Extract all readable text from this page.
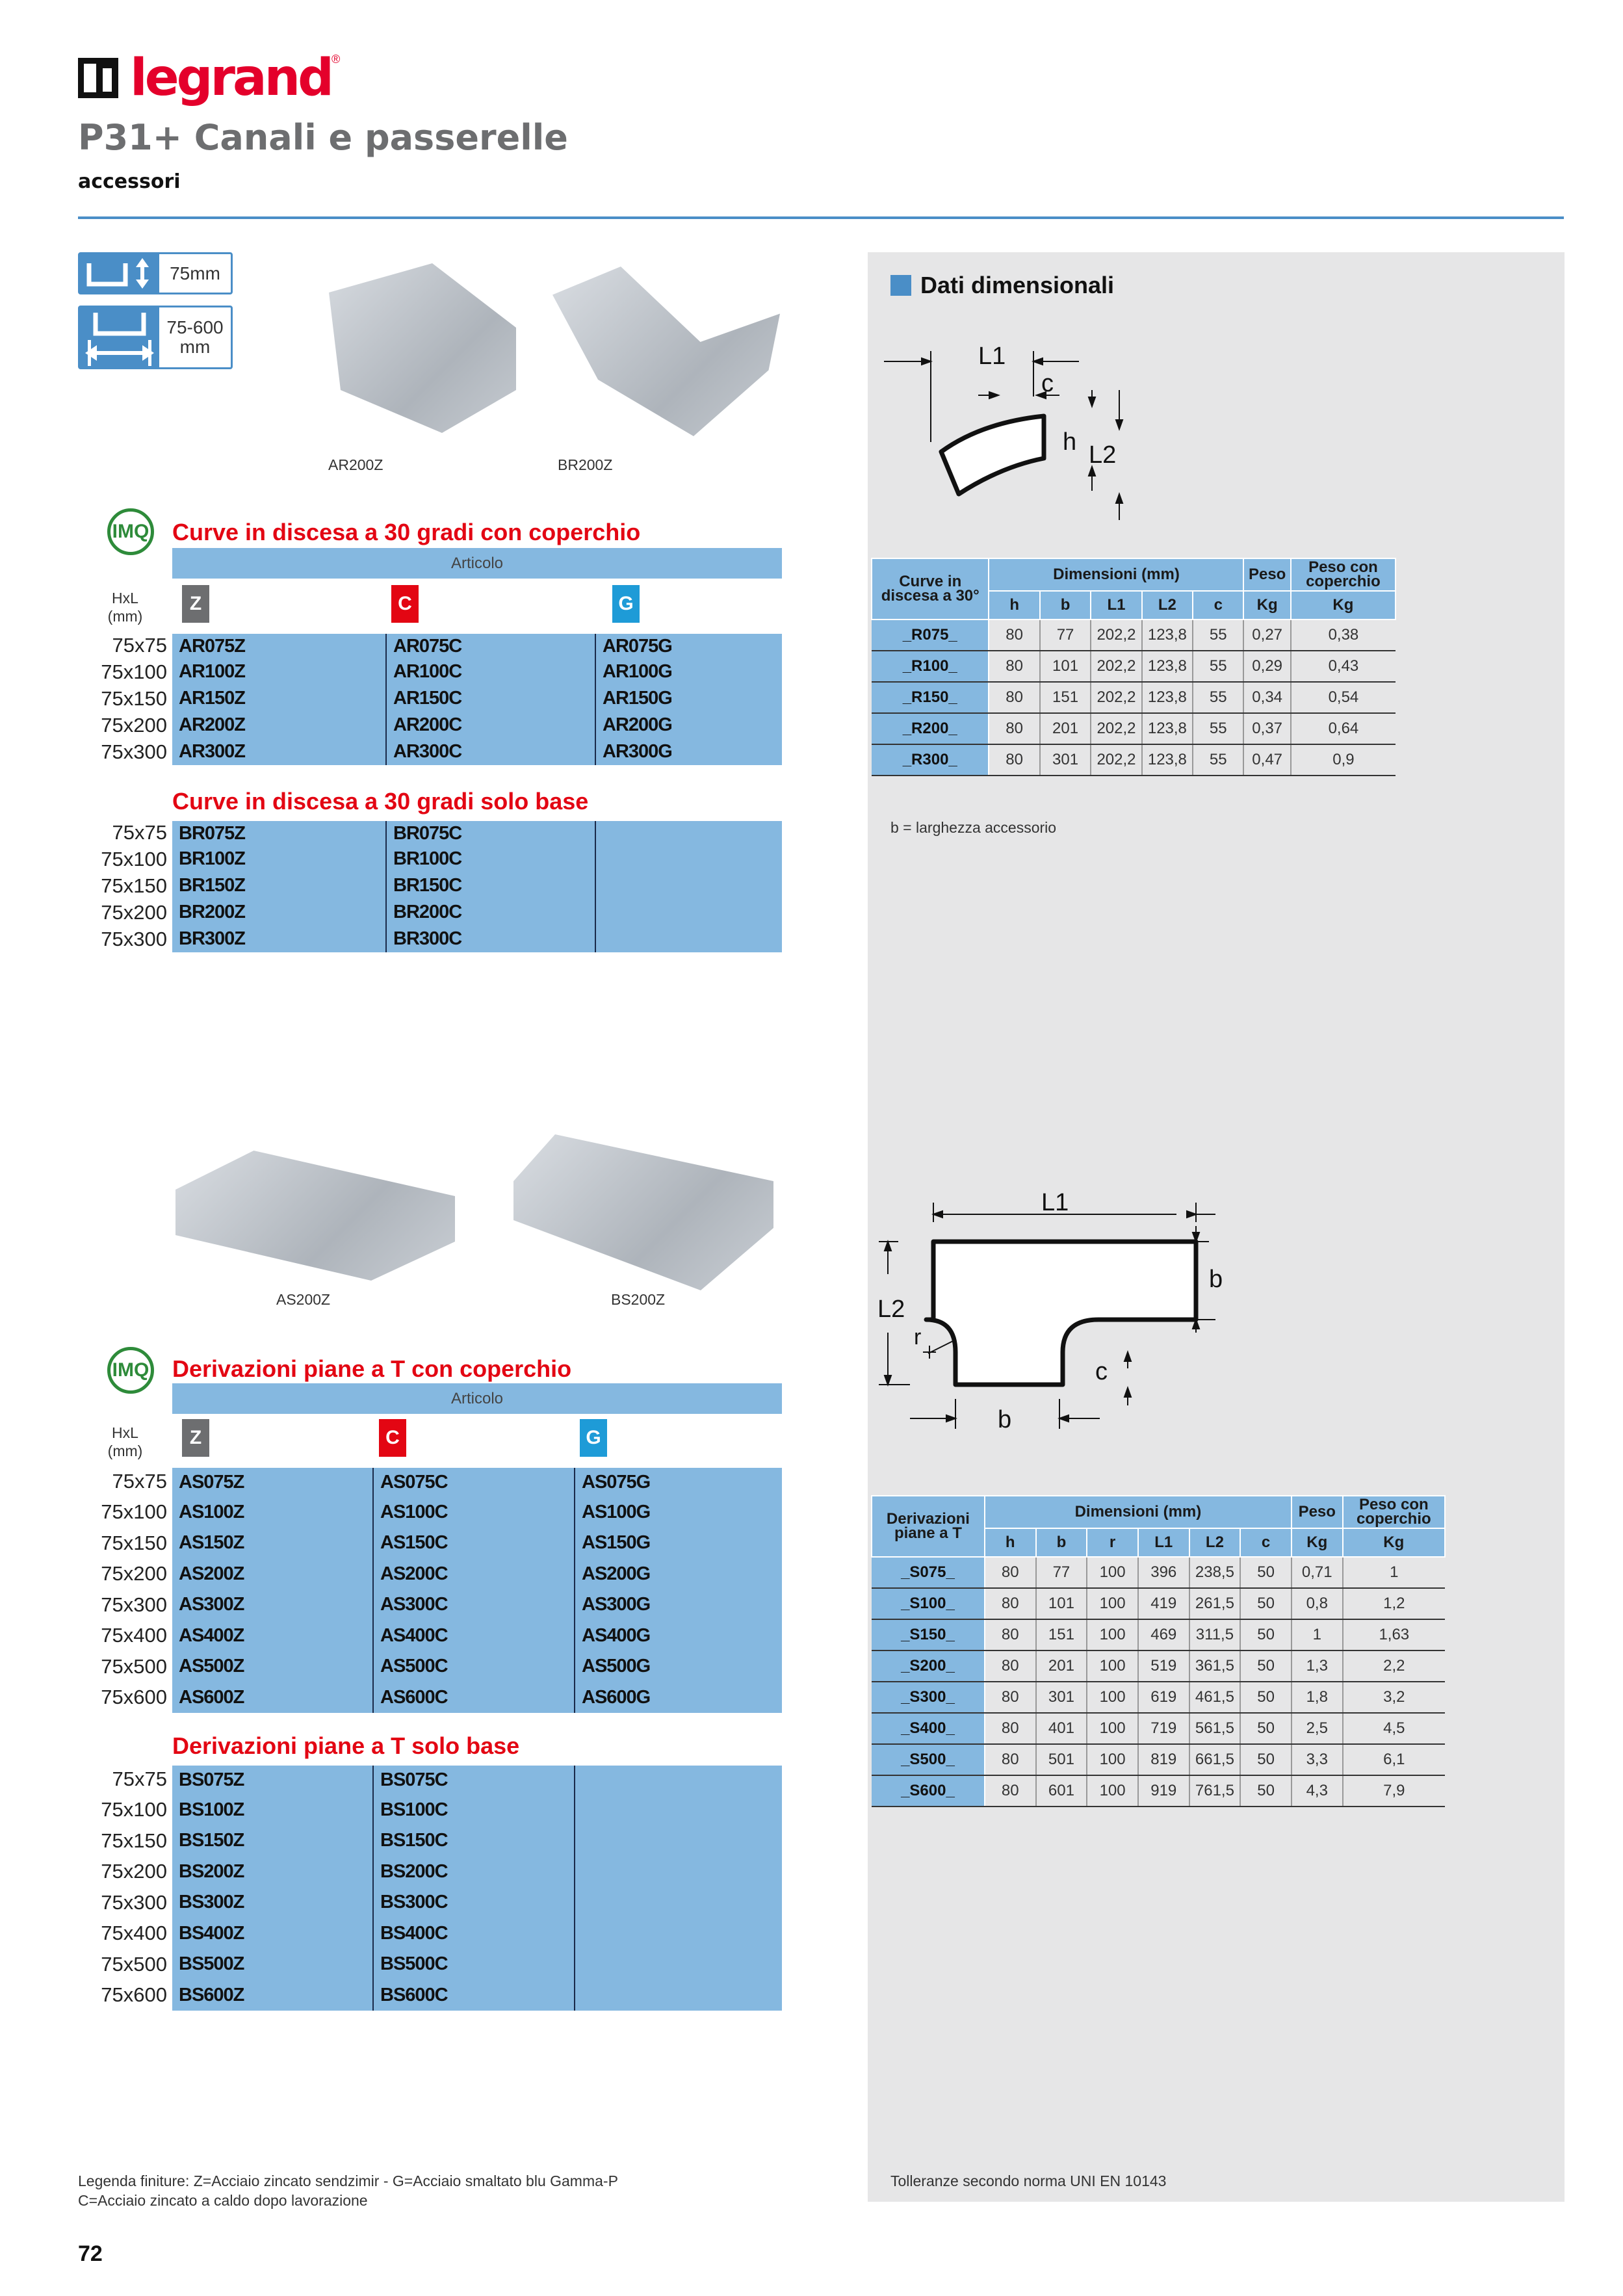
legrand ®
P31+ Canali e passerelle
accessori
75mm
75-600
mm
AR200Z	BR200Z
IMQ Curve in discesa a 30 gradi con coperchio
Articolo
HxL
(mm)
Z	C	G
75x75 AR075Z	AR075C	AR075G
75x100 AR100Z	AR100C	AR100G
75x150 AR150Z	AR150C	AR150G
75x200 AR200Z	AR200C	AR200G
75x300 AR300Z	AR300C	AR300G
Curve in discesa a 30 gradi solo base
75x75 BR075Z	BR075C
75x100 BR100Z	BR100C
75x150 BR150Z	BR150C
75x200 BR200Z	BR200C
75x300 BR300Z	BR300C
AS200Z	BS200Z
IMQ Derivazioni piane a T con coperchio
Articolo
HxL
(mm)
Z	C	G
75x75 AS075Z	AS075C	AS075G
75x100 AS100Z	AS100C	AS100G
75x150 AS150Z	AS150C	AS150G
75x200 AS200Z	AS200C	AS200G
75x300 AS300Z	AS300C	AS300G
75x400 AS400Z	AS400C	AS400G
75x500 AS500Z	AS500C	AS500G
75x600 AS600Z	AS600C	AS600G
Derivazioni piane a T solo base
75x75 BS075Z	BS075C
75x100 BS100Z	BS100C
75x150 BS150Z	BS150C
75x200 BS200Z	BS200C
75x300 BS300Z	BS300C
75x400 BS400Z	BS400C
75x500 BS500Z	BS500C
75x600 BS600Z	BS600C
Dati dimensionali
L1
c
h L2
Curve in discesa a 30°	Dimensioni (mm)					Peso	Peso con coperchio
	h	b	L1	L2	c	Kg	Kg
_R075_	80	77	202,2	123,8	55	0,27	0,38
_R100_	80	101	202,2	123,8	55	0,29	0,43
_R150_	80	151	202,2	123,8	55	0,34	0,54
_R200_	80	201	202,2	123,8	55	0,37	0,64
_R300_	80	301	202,2	123,8	55	0,47	0,9
b = larghezza accessorio
L1
b
L2
r
c
b
Derivazioni piane a T	Dimensioni (mm)						Peso	Peso con coperchio
	h	b	r	L1	L2	c	Kg	Kg
_S075_	80	77	100	396	238,5	50	0,71	1
_S100_	80	101	100	419	261,5	50	0,8	1,2
_S150_	80	151	100	469	311,5	50	1	1,63
_S200_	80	201	100	519	361,5	50	1,3	2,2
_S300_	80	301	100	619	461,5	50	1,8	3,2
_S400_	80	401	100	719	561,5	50	2,5	4,5
_S500_	80	501	100	819	661,5	50	3,3	6,1
_S600_	80	601	100	919	761,5	50	4,3	7,9
Legenda finiture: Z=Acciaio zincato sendzimir - G=Acciaio smaltato blu Gamma-P
C=Acciaio zincato a caldo dopo lavorazione
Tolleranze secondo norma UNI EN 10143
72
